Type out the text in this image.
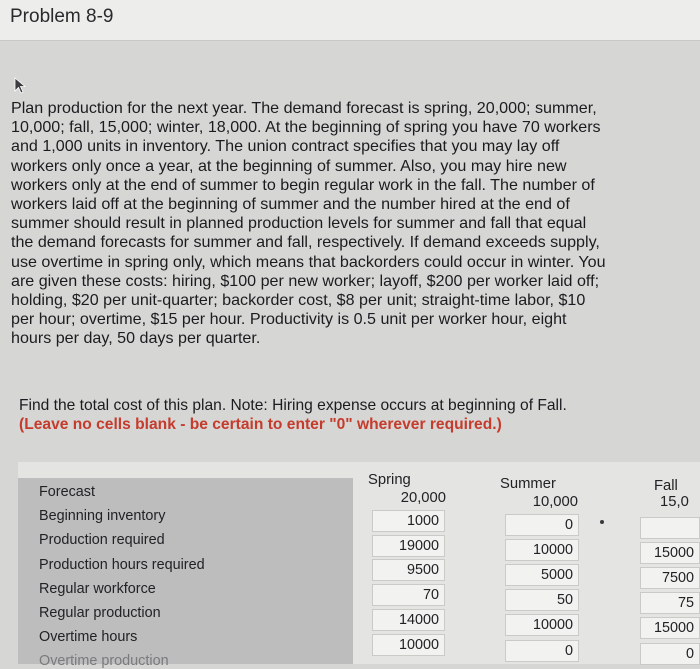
Problem 8-9
Plan production for the next year. The demand forecast is spring, 20,000; summer,
10,000; fall, 15,000; winter, 18,000. At the beginning of spring you have 70 workers
and 1,000 units in inventory. The union contract specifies that you may lay off
workers only once a year, at the beginning of summer. Also, you may hire new
workers only at the end of summer to begin regular work in the fall. The number of
workers laid off at the beginning of summer and the number hired at the end of
summer should result in planned production levels for summer and fall that equal
the demand forecasts for summer and fall, respectively. If demand exceeds supply,
use overtime in spring only, which means that backorders could occur in winter. You
are given these costs: hiring, $100 per new worker; layoff, $200 per worker laid off;
holding, $20 per unit-quarter; backorder cost, $8 per unit; straight-time labor, $10
per hour; overtime, $15 per hour. Productivity is 0.5 unit per worker hour, eight
hours per day, 50 days per quarter.
Find the total cost of this plan. Note: Hiring expense occurs at beginning of Fall.
(Leave no cells blank - be certain to enter "0" wherever required.)
Forecast
Beginning inventory
Production required
Production hours required
Regular workforce
Regular production
Overtime hours
Overtime production
Spring
20,000
Summer
10,000
Fall
15,0
1000
19000
9500
70
14000
10000
0
10000
5000
50
10000
0
15000
7500
75
15000
0
